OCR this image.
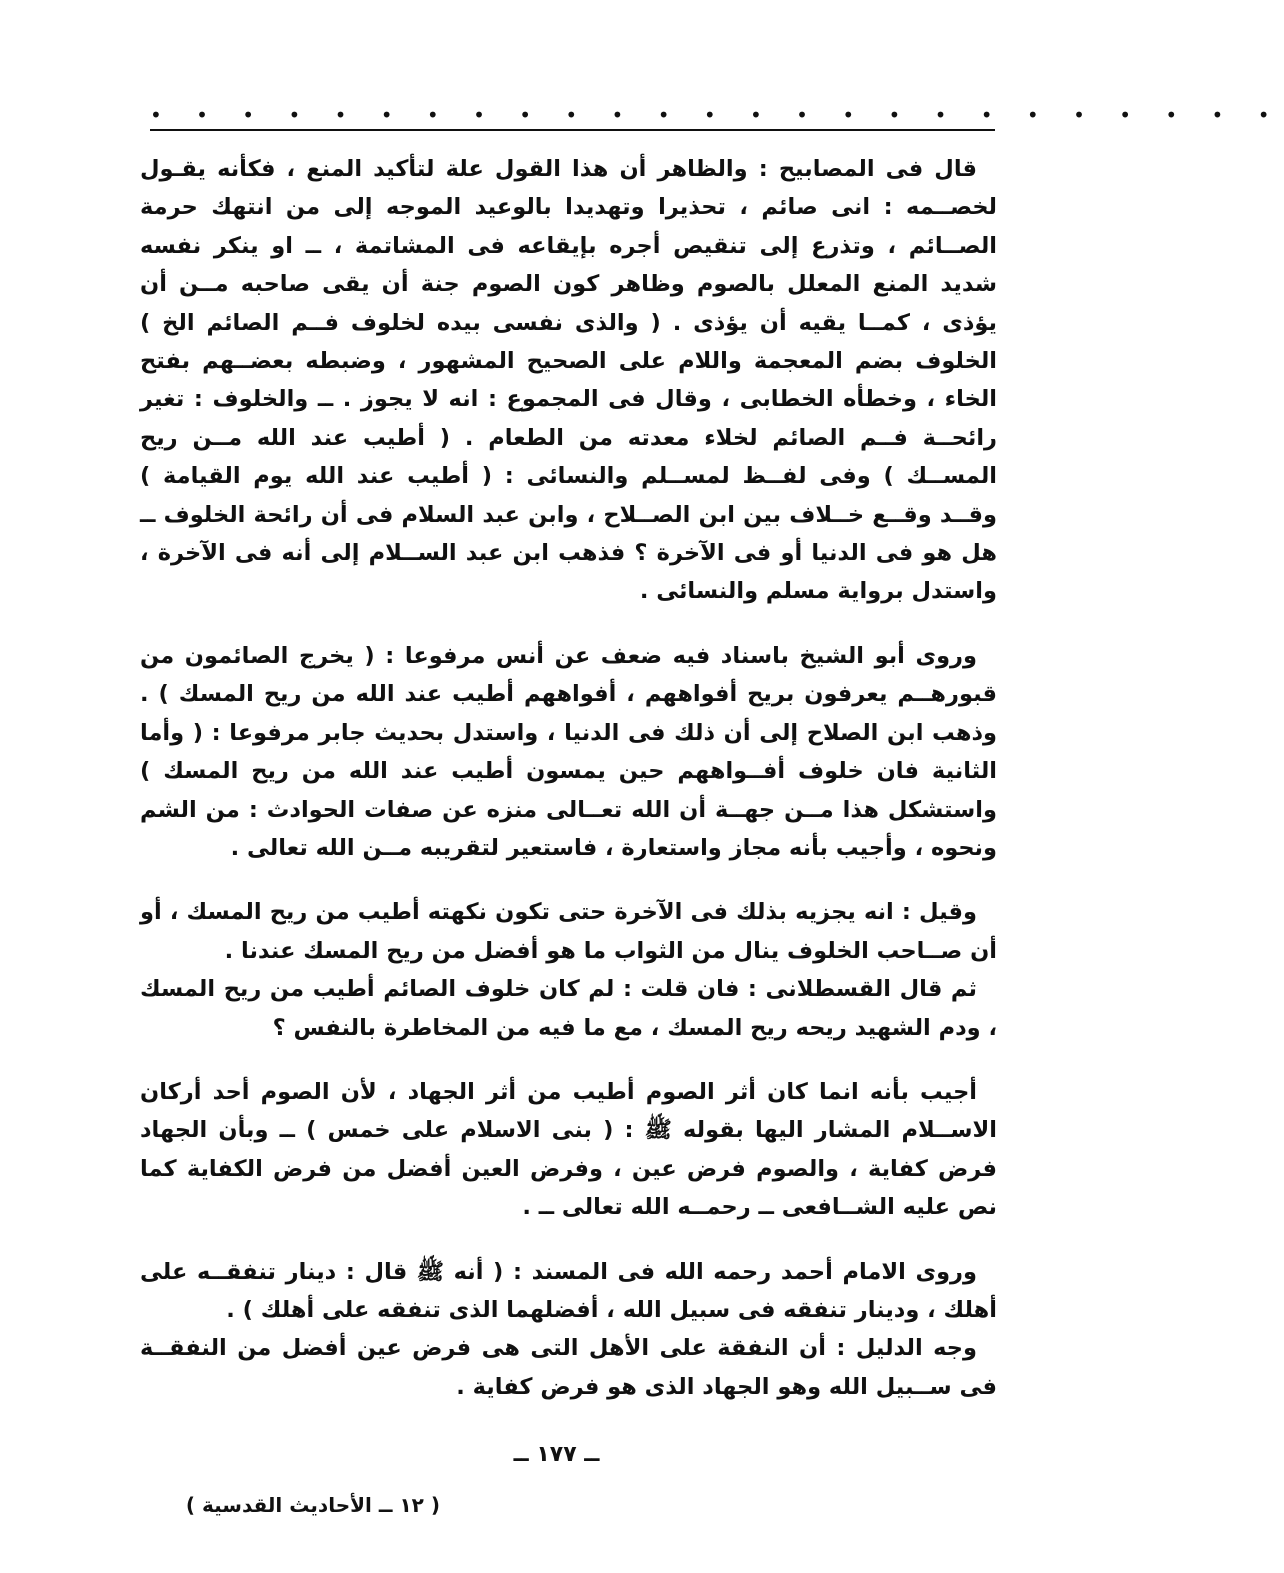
• • • • • • • • • • • • • • • • • • • • • • • • •

قال فى المصابيح : والظاهر أن هذا القول علة لتأكيد المنع ، فكأنه يقـول لخصــمه : انى صائم ، تحذيرا وتهديدا بالوعيد الموجه إلى من انتهك حرمة الصــائم ، وتذرع إلى تنقيص أجره بإيقاعه فى المشاتمة ، ــ او ينكر نفسه شديد المنع المعلل بالصوم وظاهر كون الصوم جنة أن يقى صاحبه مــن أن يؤذى ، كمــا يقيه أن يؤذى . ( والذى نفسى بيده لخلوف فــم الصائم الخ ) الخلوف بضم المعجمة واللام على الصحيح المشهور ، وضبطه بعضــهم بفتح الخاء ، وخطأه الخطابى ، وقال فى المجموع : انه لا يجوز . ــ والخلوف : تغير رائحــة فــم الصائم لخلاء معدته من الطعام . ( أطيب عند الله مــن ريح المســك ) وفى لفــظ لمســلم والنسائى : ( أطيب عند الله يوم القيامة ) وقــد وقــع خــلاف بين ابن الصــلاح ، وابن عبد السلام فى أن رائحة الخلوف ــ هل هو فى الدنيا أو فى الآخرة ؟ فذهب ابن عبد الســلام إلى أنه فى الآخرة ، واستدل برواية مسلم والنسائى .

وروى أبو الشيخ باسناد فيه ضعف عن أنس مرفوعا : ( يخرج الصائمون من قبورهــم يعرفون بريح أفواههم ، أفواههم أطيب عند الله من ريح المسك ) . وذهب ابن الصلاح إلى أن ذلك فى الدنيا ، واستدل بحديث جابر مرفوعا : ( وأما الثانية فان خلوف أفــواههم حين يمسون أطيب عند الله من ريح المسك ) واستشكل هذا مــن جهــة أن الله تعــالى منزه عن صفات الحوادث : من الشم ونحوه ، وأجيب بأنه مجاز واستعارة ، فاستعير لتقريبه مــن الله تعالى .

وقيل : انه يجزيه بذلك فى الآخرة حتى تكون نكهته أطيب من ريح المسك ، أو أن صــاحب الخلوف ينال من الثواب ما هو أفضل من ريح المسك عندنا .

ثم قال القسطلانى : فان قلت : لم كان خلوف الصائم أطيب من ريح المسك ، ودم الشهيد ريحه ريح المسك ، مع ما فيه من المخاطرة بالنفس ؟

أجيب بأنه انما كان أثر الصوم أطيب من أثر الجهاد ، لأن الصوم أحد أركان الاســلام المشار اليها بقوله ﷺ : ( بنى الاسلام على خمس ) ــ وبأن الجهاد فرض كفاية ، والصوم فرض عين ، وفرض العين أفضل من فرض الكفاية كما نص عليه الشــافعى ــ رحمــه الله تعالى ــ .

وروى الامام أحمد رحمه الله فى المسند : ( أنه ﷺ قال : دينار تنفقــه على أهلك ، ودينار تنفقه فى سبيل الله ، أفضلهما الذى تنفقه على أهلك ) .

وجه الدليل : أن النفقة على الأهل التى هى فرض عين أفضل من النفقــة فى ســبيل الله وهو الجهاد الذى هو فرض كفاية .

ــ ١٧٧ ــ
( ١٢ ــ الأحاديث القدسية )
